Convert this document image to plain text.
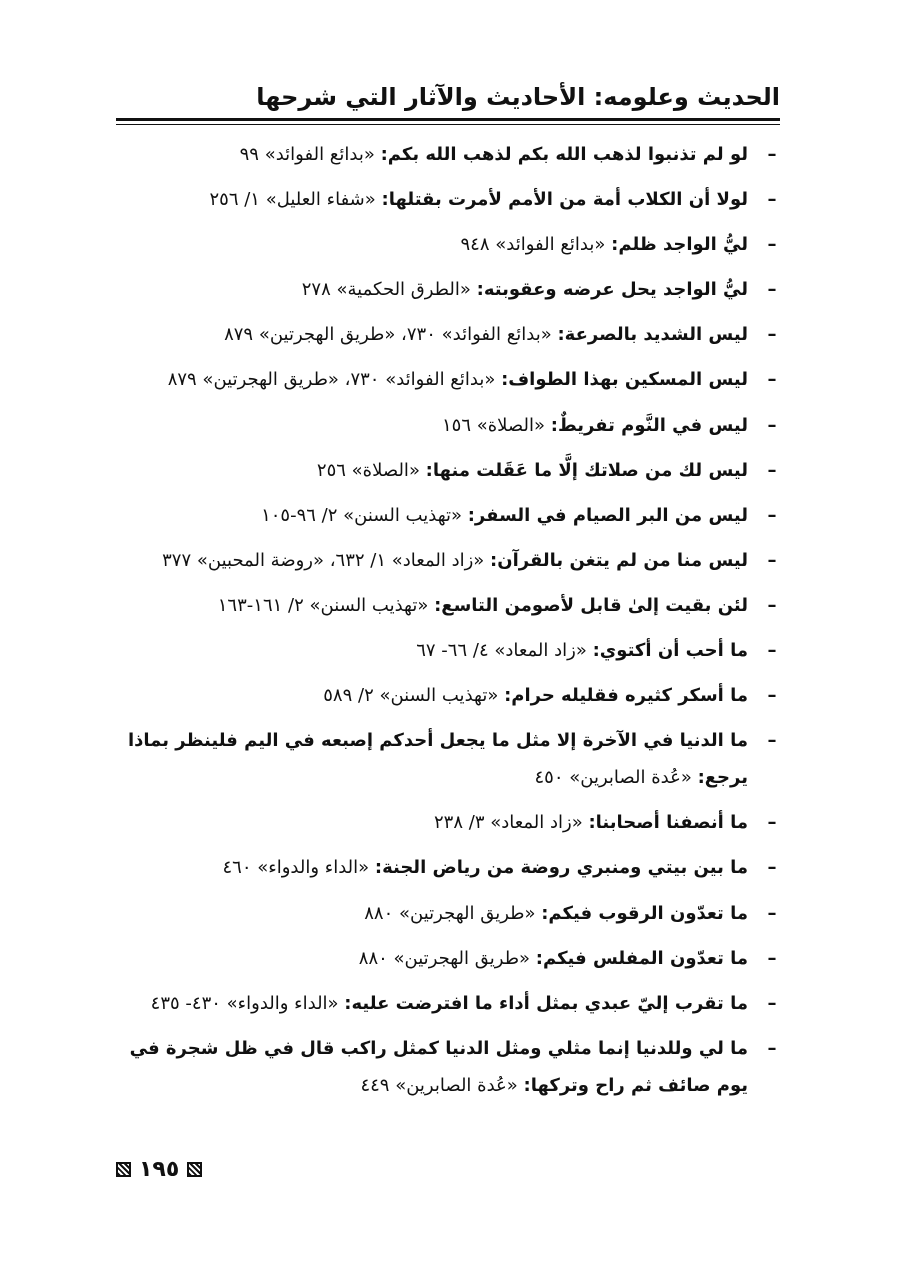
الحديث وعلومه: الأحاديث والآثار التي شرحها
–
لو لم تذنبوا لذهب الله بكم لذهب الله بكم: «بدائع الفوائد» ٩٩
–
لولا أن الكلاب أمة من الأمم لأمرت بقتلها: «شفاء العليل» ١/ ٢٥٦
–
ليُّ الواجد ظلم: «بدائع الفوائد» ٩٤٨
–
ليُّ الواجد يحل عرضه وعقوبته: «الطرق الحكمية» ٢٧٨
–
ليس الشديد بالصرعة: «بدائع الفوائد» ٧٣٠، «طريق الهجرتين» ٨٧٩
–
ليس المسكين بهذا الطواف: «بدائع الفوائد» ٧٣٠، «طريق الهجرتين» ٨٧٩
–
ليس في النَّوم تفريطٌ: «الصلاة» ١٥٦
–
ليس لك من صلاتك إلَّا ما عَقَلت منها: «الصلاة» ٢٥٦
–
ليس من البر الصيام في السفر: «تهذيب السنن» ٢/ ٩٦-١٠٥
–
ليس منا من لم يتغن بالقرآن: «زاد المعاد» ١/ ٦٣٢، «روضة المحبين» ٣٧٧
–
لئن بقيت إلىٰ قابل لأصومن التاسع: «تهذيب السنن» ٢/ ١٦١-١٦٣
–
ما أحب أن أكتوي: «زاد المعاد» ٤/ ٦٦- ٦٧
–
ما أسكر كثيره فقليله حرام: «تهذيب السنن» ٢/ ٥٨٩
–
ما الدنيا في الآخرة إلا مثل ما يجعل أحدكم إصبعه في اليم فلينظر بماذا يرجع: «عُدة الصابرين» ٤٥٠
–
ما أنصفنا أصحابنا: «زاد المعاد» ٣/ ٢٣٨
–
ما بين بيتي ومنبري روضة من رياض الجنة: «الداء والدواء» ٤٦٠
–
ما تعدّون الرقوب فيكم: «طريق الهجرتين» ٨٨٠
–
ما تعدّون المفلس فيكم: «طريق الهجرتين» ٨٨٠
–
ما تقرب إليّ عبدي بمثل أداء ما افترضت عليه: «الداء والدواء» ٤٣٠- ٤٣٥
–
ما لي وللدنيا إنما مثلي ومثل الدنيا كمثل راكب قال في ظل شجرة في يوم صائف ثم راح وتركها: «عُدة الصابرين» ٤٤٩
١٩٥
